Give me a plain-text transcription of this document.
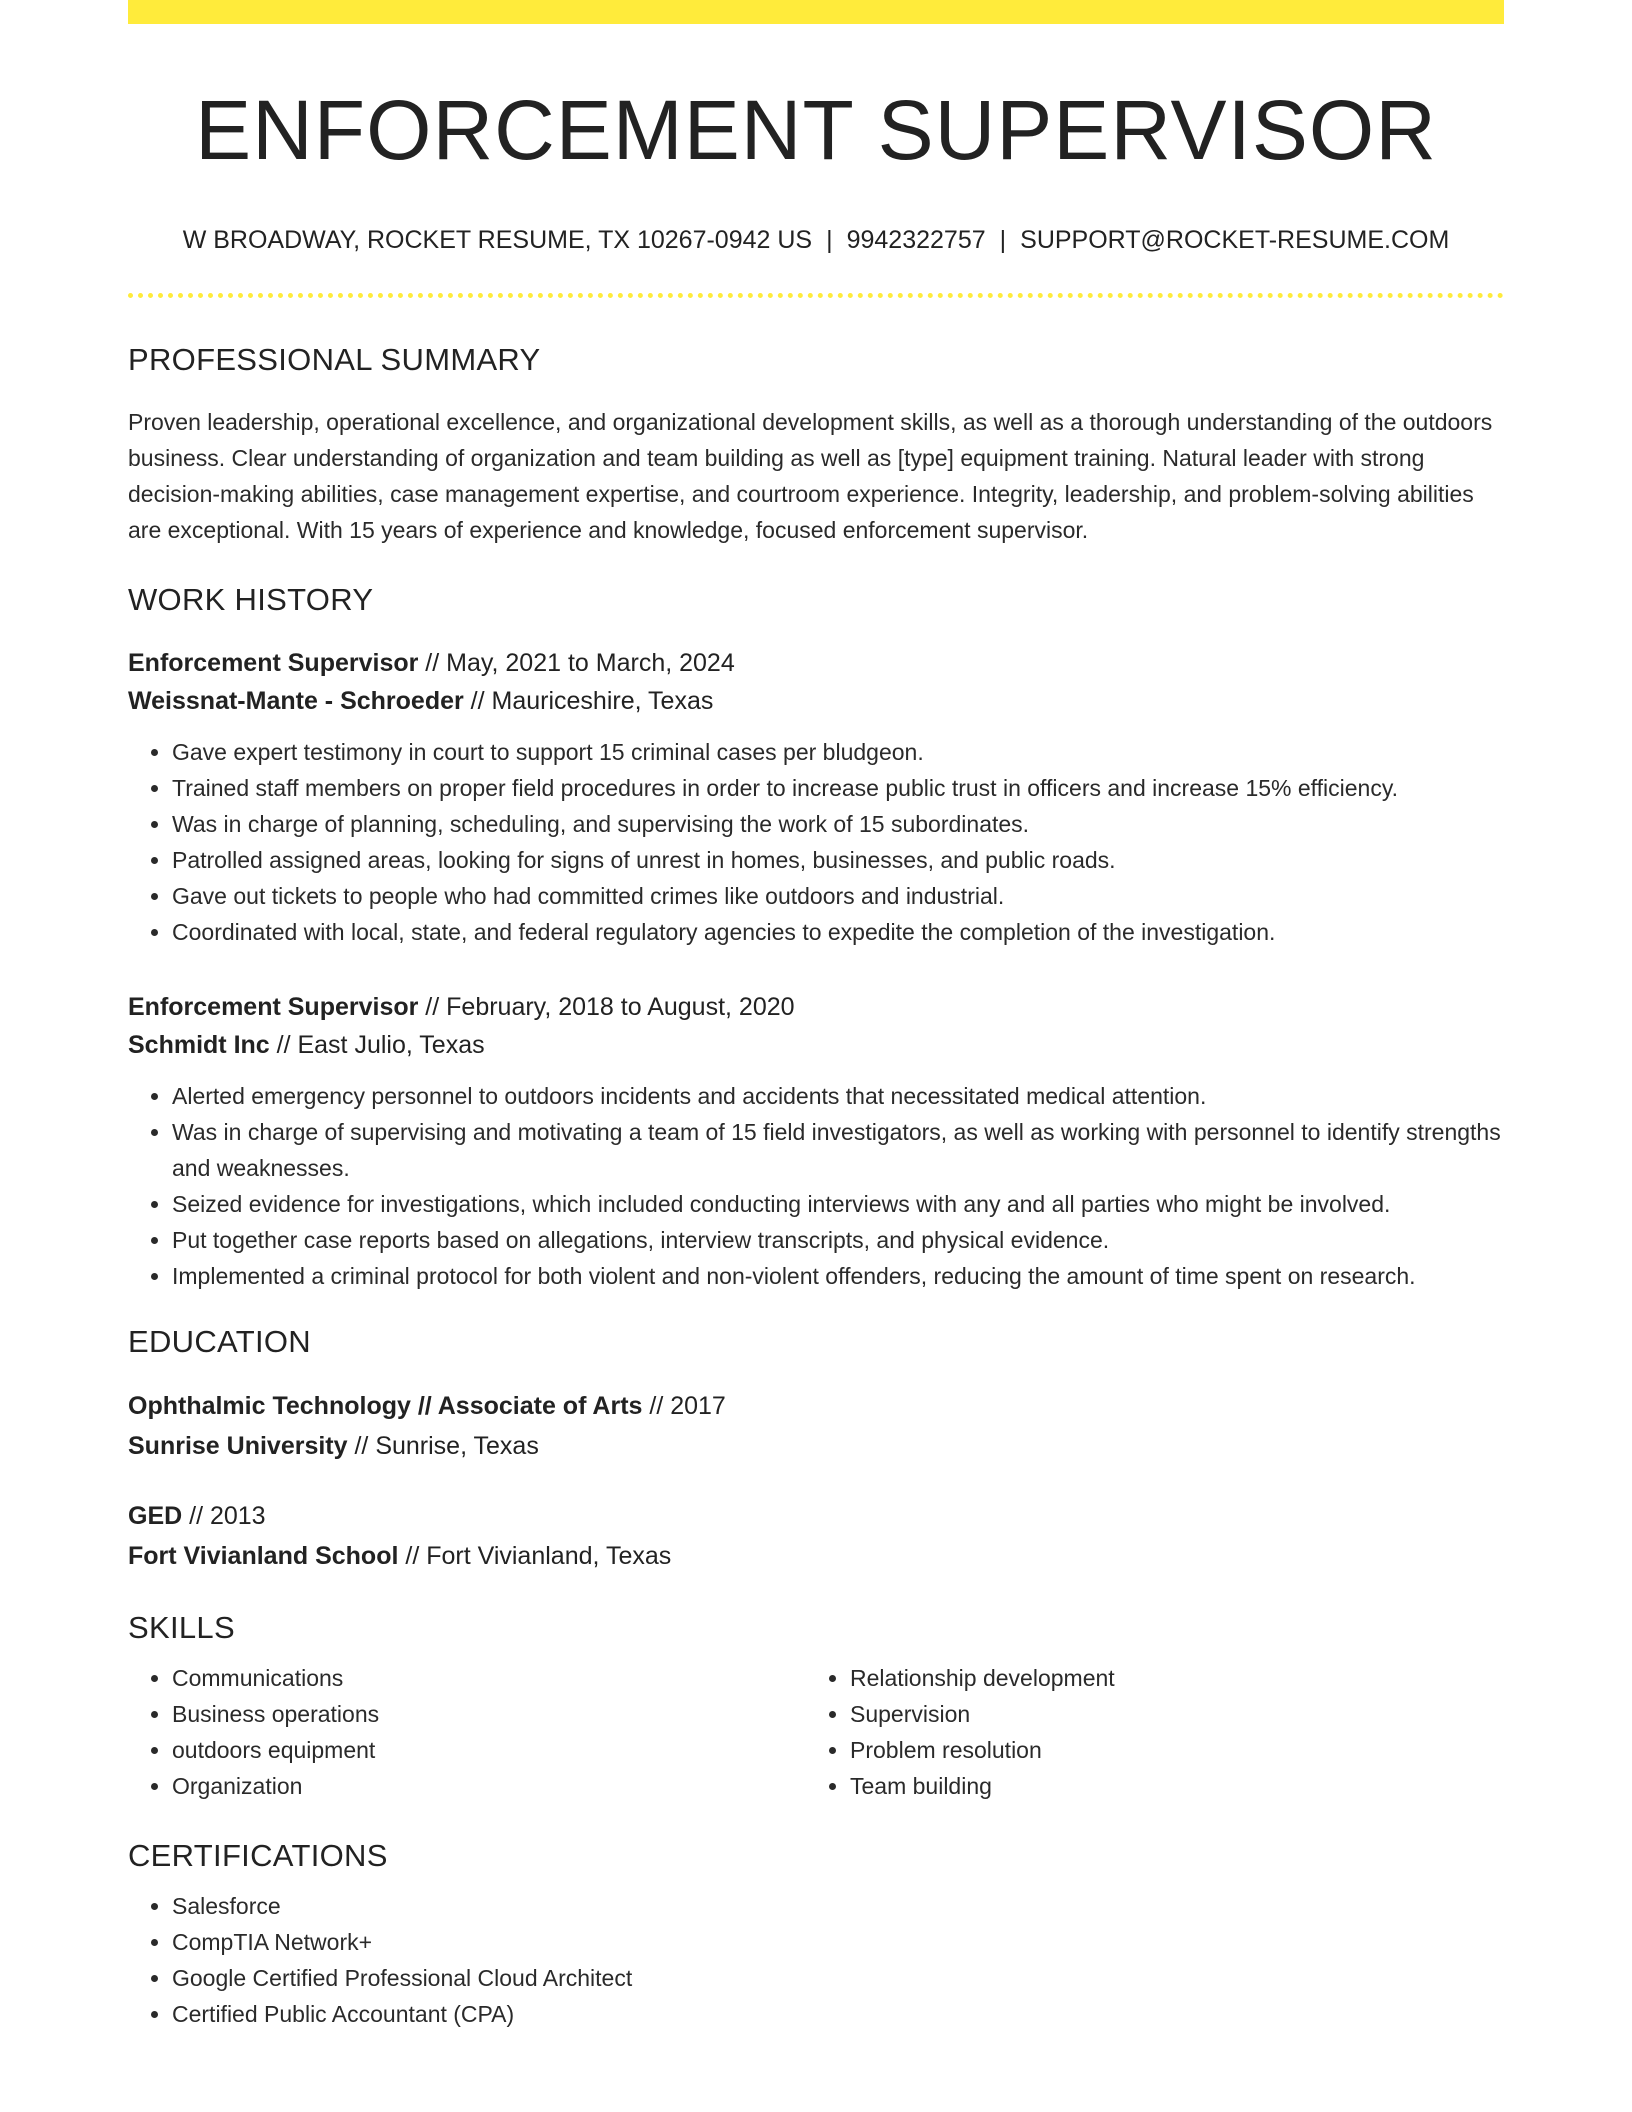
ENFORCEMENT SUPERVISOR
W BROADWAY, ROCKET RESUME, TX 10267-0942 US | 9942322757 | SUPPORT@ROCKET-RESUME.COM
PROFESSIONAL SUMMARY
Proven leadership, operational excellence, and organizational development skills, as well as a thorough understanding of the outdoors business. Clear understanding of organization and team building as well as [type] equipment training. Natural leader with strong decision-making abilities, case management expertise, and courtroom experience. Integrity, leadership, and problem-solving abilities are exceptional. With 15 years of experience and knowledge, focused enforcement supervisor.
WORK HISTORY
Enforcement Supervisor // May, 2021 to March, 2024
Weissnat-Mante - Schroeder // Mauriceshire, Texas
• Gave expert testimony in court to support 15 criminal cases per bludgeon.
• Trained staff members on proper field procedures in order to increase public trust in officers and increase 15% efficiency.
• Was in charge of planning, scheduling, and supervising the work of 15 subordinates.
• Patrolled assigned areas, looking for signs of unrest in homes, businesses, and public roads.
• Gave out tickets to people who had committed crimes like outdoors and industrial.
• Coordinated with local, state, and federal regulatory agencies to expedite the completion of the investigation.
Enforcement Supervisor // February, 2018 to August, 2020
Schmidt Inc // East Julio, Texas
• Alerted emergency personnel to outdoors incidents and accidents that necessitated medical attention.
• Was in charge of supervising and motivating a team of 15 field investigators, as well as working with personnel to identify strengths and weaknesses.
• Seized evidence for investigations, which included conducting interviews with any and all parties who might be involved.
• Put together case reports based on allegations, interview transcripts, and physical evidence.
• Implemented a criminal protocol for both violent and non-violent offenders, reducing the amount of time spent on research.
EDUCATION
Ophthalmic Technology // Associate of Arts // 2017
Sunrise University // Sunrise, Texas
GED // 2013
Fort Vivianland School // Fort Vivianland, Texas
SKILLS
• Communications
• Business operations
• outdoors equipment
• Organization
• Relationship development
• Supervision
• Problem resolution
• Team building
CERTIFICATIONS
• Salesforce
• CompTIA Network+
• Google Certified Professional Cloud Architect
• Certified Public Accountant (CPA)
